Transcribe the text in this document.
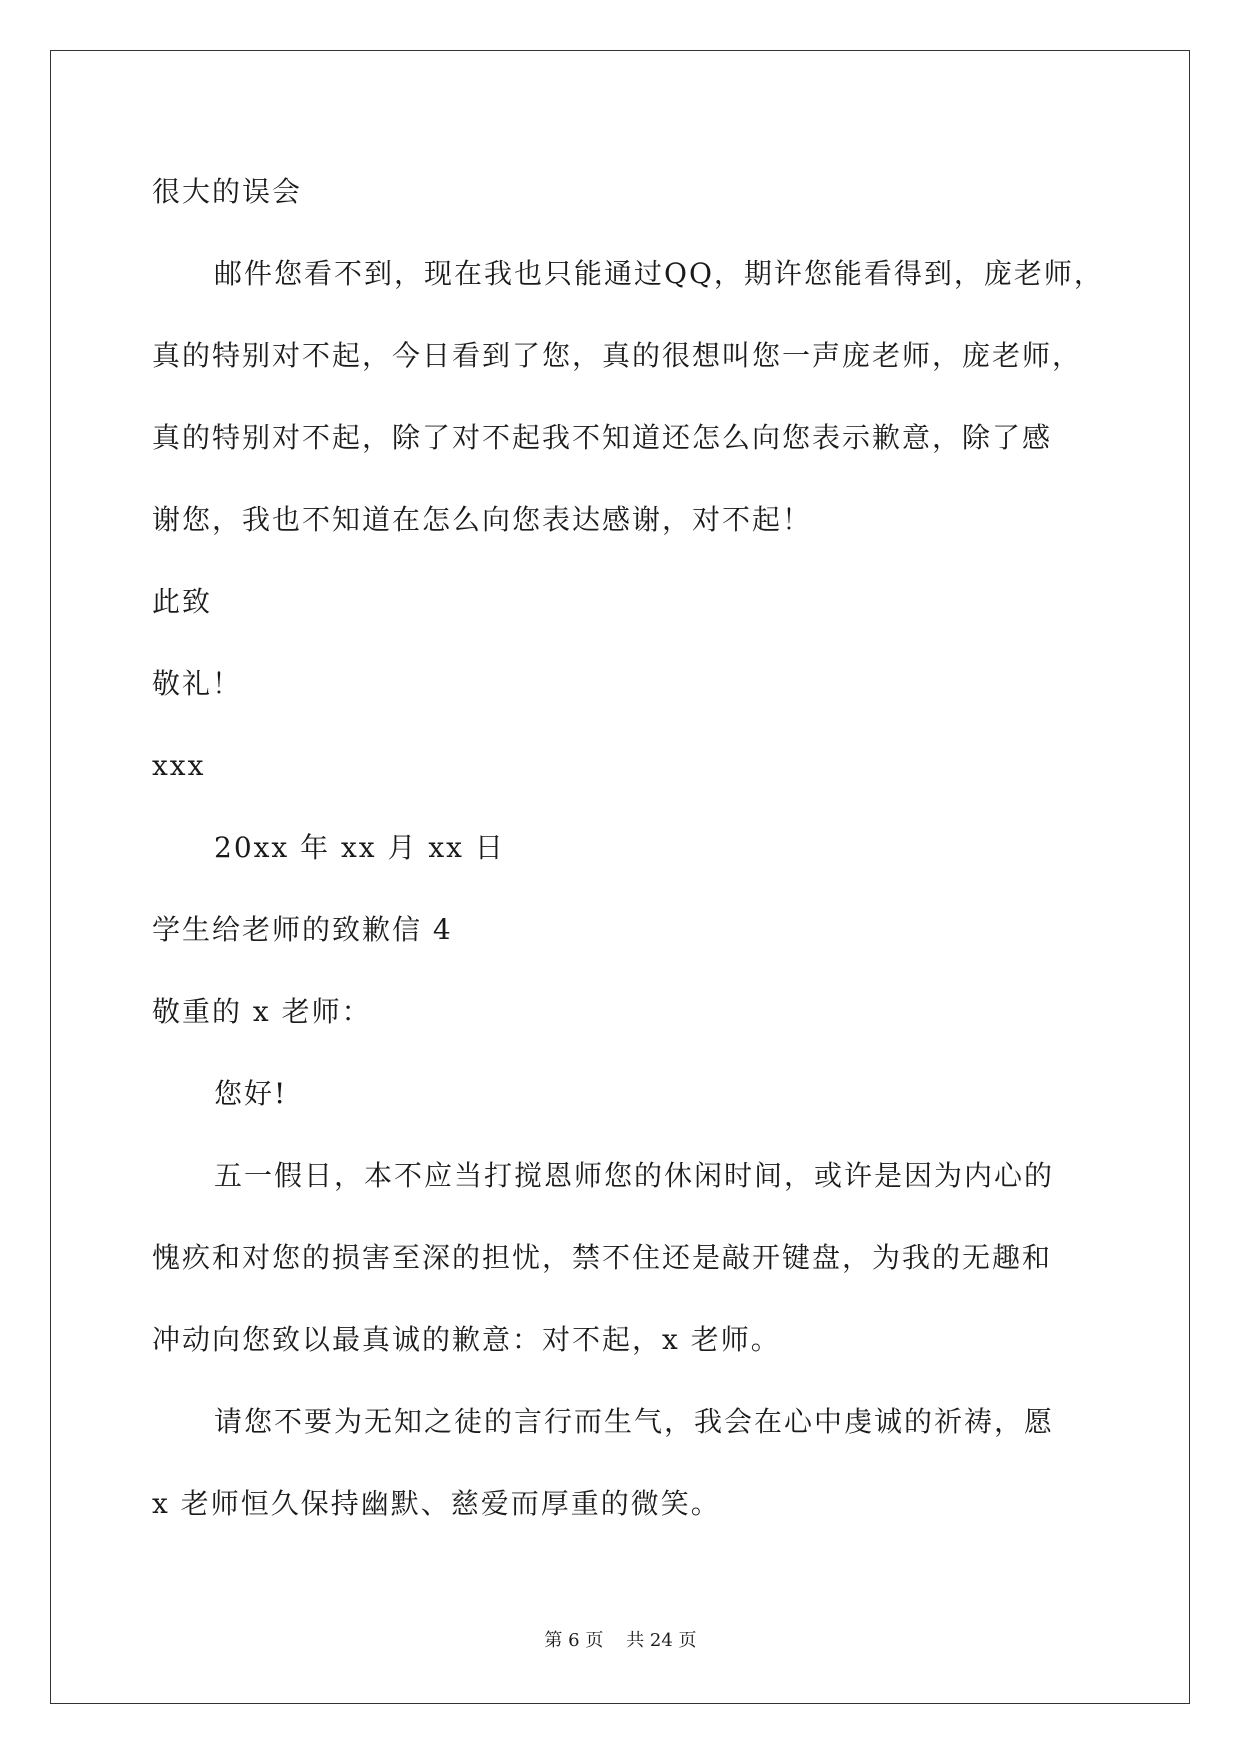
很大的误会
邮件您看不到，现在我也只能通过QQ，期许您能看得到，庞老师，
真的特别对不起，今日看到了您，真的很想叫您一声庞老师，庞老师，
真的特别对不起，除了对不起我不知道还怎么向您表示歉意，除了感
谢您，我也不知道在怎么向您表达感谢，对不起！
此致
敬礼！
xxx
20xx 年 xx 月 xx 日
学生给老师的致歉信 4
敬重的 x 老师：
您好!
五一假日，本不应当打搅恩师您的休闲时间，或许是因为内心的
愧疚和对您的损害至深的担忧，禁不住还是敲开键盘，为我的无趣和
冲动向您致以最真诚的歉意：对不起，x 老师。
请您不要为无知之徒的言行而生气，我会在心中虔诚的祈祷，愿
x 老师恒久保持幽默、慈爱而厚重的微笑。
第 6 页    共 24 页
